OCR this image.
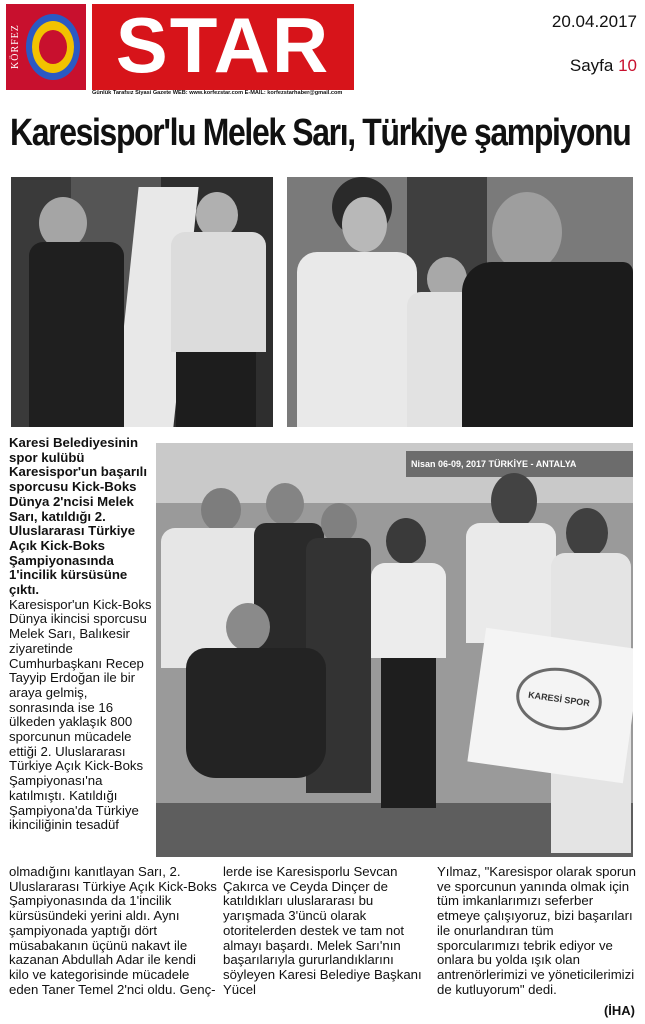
KÖRFEZ	STAR
Günlük Tarafsız Siyasi Gazete WEB: www.korfezstar.com E-MAIL: korfezstarhaber@gmail.com
20.04.2017
Sayfa 10
Karesispor'lu Melek Sarı, Türkiye şampiyonu
Nisan 06-09, 2017 TÜRKİYE - ANTALYA
KARESİ SPOR

Karesi Belediyesinin spor kulübü Karesispor'un başarılı sporcusu Kick-Boks Dünya 2'ncisi Melek Sarı, katıldığı 2. Uluslararası Türkiye Açık Kick-Boks Şampiyonasında 1'incilik kürsüsüne çıktı.

Karesispor'un Kick-Boks Dünya ikincisi sporcusu Melek Sarı, Balıkesir ziyaretinde Cumhurbaşkanı Recep Tayyip Erdoğan ile bir araya gelmiş, sonrasında ise 16 ülkeden yaklaşık 800 sporcunun mücadele ettiği 2. Uluslararası Türkiye Açık Kick-Boks Şampiyonası'na katılmıştı. Katıldığı Şampiyona'da Türkiye ikinciliğinin tesadüf

olmadığını kanıtlayan Sarı, 2. Uluslararası Türkiye Açık Kick-Boks Şampiyonasında da 1'incilik kürsüsündeki yerini aldı. Aynı şampiyonada yaptığı dört müsabakanın üçünü nakavt ile kazanan Abdullah Adar ile kendi kilo ve kategorisinde mücadele eden Taner Temel 2'nci oldu. Genç-

lerde ise Karesisporlu Sevcan Çakırca ve Ceyda Dinçer de katıldıkları uluslararası bu yarışmada 3'üncü olarak otoritelerden destek ve tam not almayı başardı. Melek Sarı'nın başarılarıyla gururlandıklarını söyleyen Karesi Belediye Başkanı Yücel

Yılmaz, "Karesispor olarak sporun ve sporcunun yanında olmak için tüm imkanlarımızı seferber etmeye çalışıyoruz, bizi başarıları ile onurlandıran tüm sporcularımızı tebrik ediyor ve onlara bu yolda ışık olan antrenörlerimizi ve yöneticilerimizi de kutluyorum" dedi.

(İHA)
